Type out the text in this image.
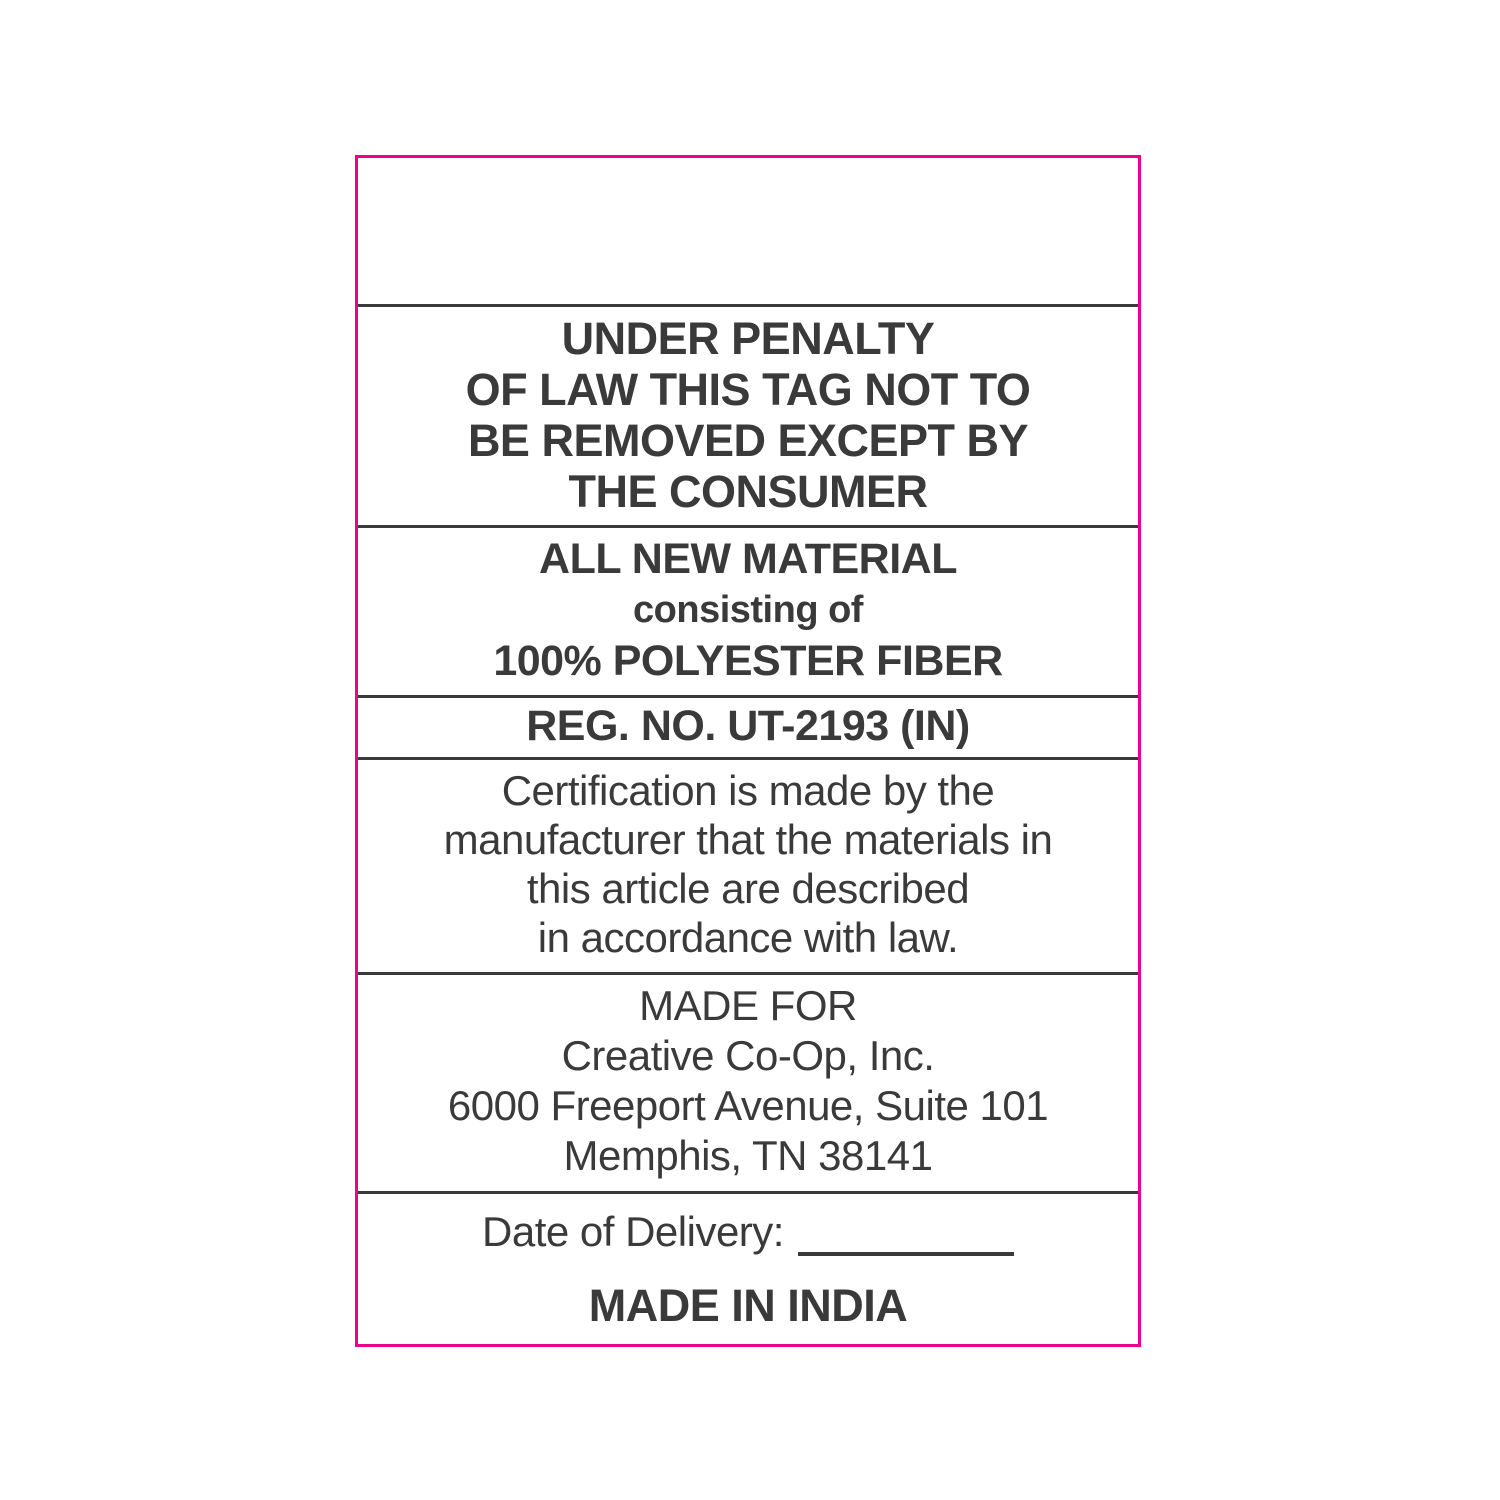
UNDER PENALTY
OF LAW THIS TAG NOT TO
BE REMOVED EXCEPT BY
THE CONSUMER
ALL NEW MATERIAL
consisting of
100% POLYESTER FIBER
REG. NO. UT-2193 (IN)
Certification is made by the
manufacturer that the materials in
this article are described
in accordance with law.
MADE FOR
Creative Co-Op, Inc.
6000 Freeport Avenue, Suite 101
Memphis, TN 38141
Date of Delivery:
MADE IN INDIA
